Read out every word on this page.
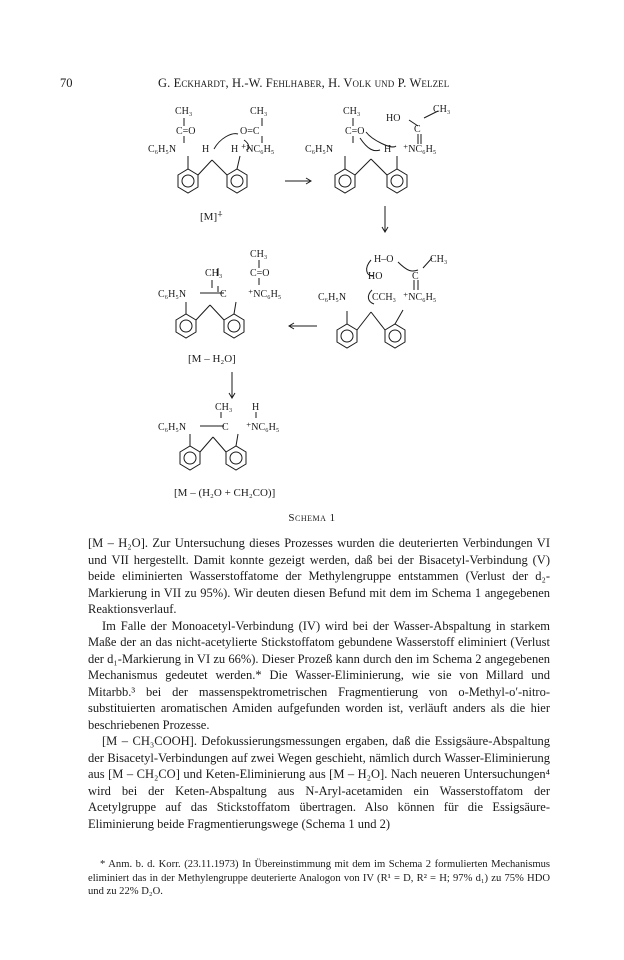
70	G. Eckhardt, H.-W. Fehlhaber, H. Volk und P. Welzel
CH₃	CH₃
C=O	O=C
C₆H₅N	H H ⁺̇NC₆H₅
CH₃
HO
CH₃
C
C=O
C₆H₅N	H ⁺NC₆H₅
H–O	CH₃
HO	C
C₆H₅N	CCH₃ ⁺NC₆H₅
CH₃
CH₃	C=O
C₆H₅N	C ⁺NC₆H₅
CH₃ H
C₆H₅N	C ⁺NC₆H₅
[M]⁺̇
[M – H₂O]
[M – (H₂O + CH₂CO)]
Schema 1

[M – H₂O]. Zur Untersuchung dieses Prozesses wurden die deuterierten Verbindungen VI und VII hergestellt. Damit konnte gezeigt werden, daß bei der Bisacetyl-Verbindung (V) beide eliminierten Wasserstoffatome der Methylengruppe entstammen (Verlust der d₂-Markierung in VII zu 95%). Wir deuten diesen Befund mit dem im Schema 1 angegebenen Reaktionsverlauf.

Im Falle der Monoacetyl-Verbindung (IV) wird bei der Wasser-Abspaltung in starkem Maße der an das nicht-acetylierte Stickstoffatom gebundene Wasserstoff eliminiert (Verlust der d₁-Markierung in VI zu 66%). Dieser Prozeß kann durch den im Schema 2 angegebenen Mechanismus gedeutet werden.* Die Wasser-Eliminierung, wie sie von Millard und Mitarbb.³ bei der massenspektrometrischen Fragmentierung von o-Methyl-o′-nitro-substituierten aromatischen Amiden aufgefunden worden ist, verläuft anders als die hier beschriebenen Prozesse.

[M – CH₃COOH]. Defokussierungsmessungen ergaben, daß die Essigsäure-Abspaltung der Bisacetyl-Verbindungen auf zwei Wegen geschieht, nämlich durch Wasser-Eliminierung aus [M – CH₂CO] und Keten-Eliminierung aus [M – H₂O]. Nach neueren Untersuchungen⁴ wird bei der Keten-Abspaltung aus N-Aryl-acetamiden ein Wasserstoffatom der Acetylgruppe auf das Stickstoffatom übertragen. Also können für die Essigsäure-Eliminierung beide Fragmentierungswege (Schema 1 und 2)

* Anm. b. d. Korr. (23.11.1973) In Übereinstimmung mit dem im Schema 2 formulierten Mechanismus eliminiert das in der Methylengruppe deuterierte Analogon von IV (R¹ = D, R² = H; 97% d₁) zu 75% HDO und zu 22% D₂O.
